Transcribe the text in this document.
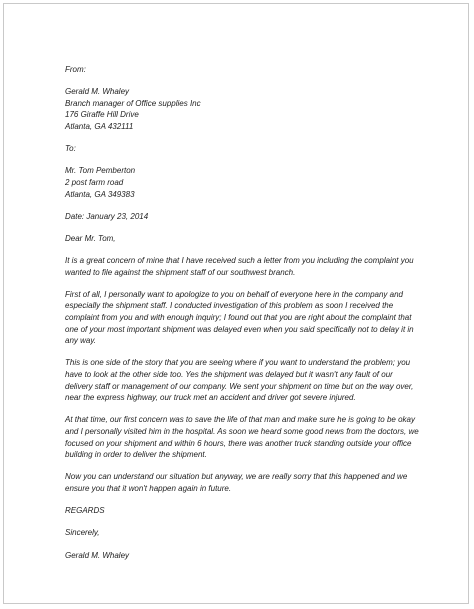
From:
Gerald M. Whaley
Branch manager of Office supplies Inc
176 Giraffe Hill Drive
Atlanta, GA 432111
To:
Mr. Tom Pemberton
2 post farm road
Atlanta, GA 349383
Date: January 23, 2014
Dear Mr. Tom,
It is a great concern of mine that I have received such a letter from you including the complaint you wanted to file against the shipment staff of our southwest branch.
First of all, I personally want to apologize to you on behalf of everyone here in the company and especially the shipment staff. I conducted investigation of this problem as soon I received the complaint from you and with enough inquiry; I found out that you are right about the complaint that one of your most important shipment was delayed even when you said specifically not to delay it in any way.
This is one side of the story that you are seeing where if you want to understand the problem; you have to look at the other side too. Yes the shipment was delayed but it wasn't any fault of our delivery staff or management of our company. We sent your shipment on time but on the way over, near the express highway, our truck met an accident and driver got severe injured.
At that time, our first concern was to save the life of that man and make sure he is going to be okay and I personally visited him in the hospital. As soon we heard some good news from the doctors, we focused on your shipment and within 6 hours, there was another truck standing outside your office building in order to deliver the shipment.
Now you can understand our situation but anyway, we are really sorry that this happened and we ensure you that it won't happen again in future.
REGARDS
Sincerely,
Gerald M. Whaley
